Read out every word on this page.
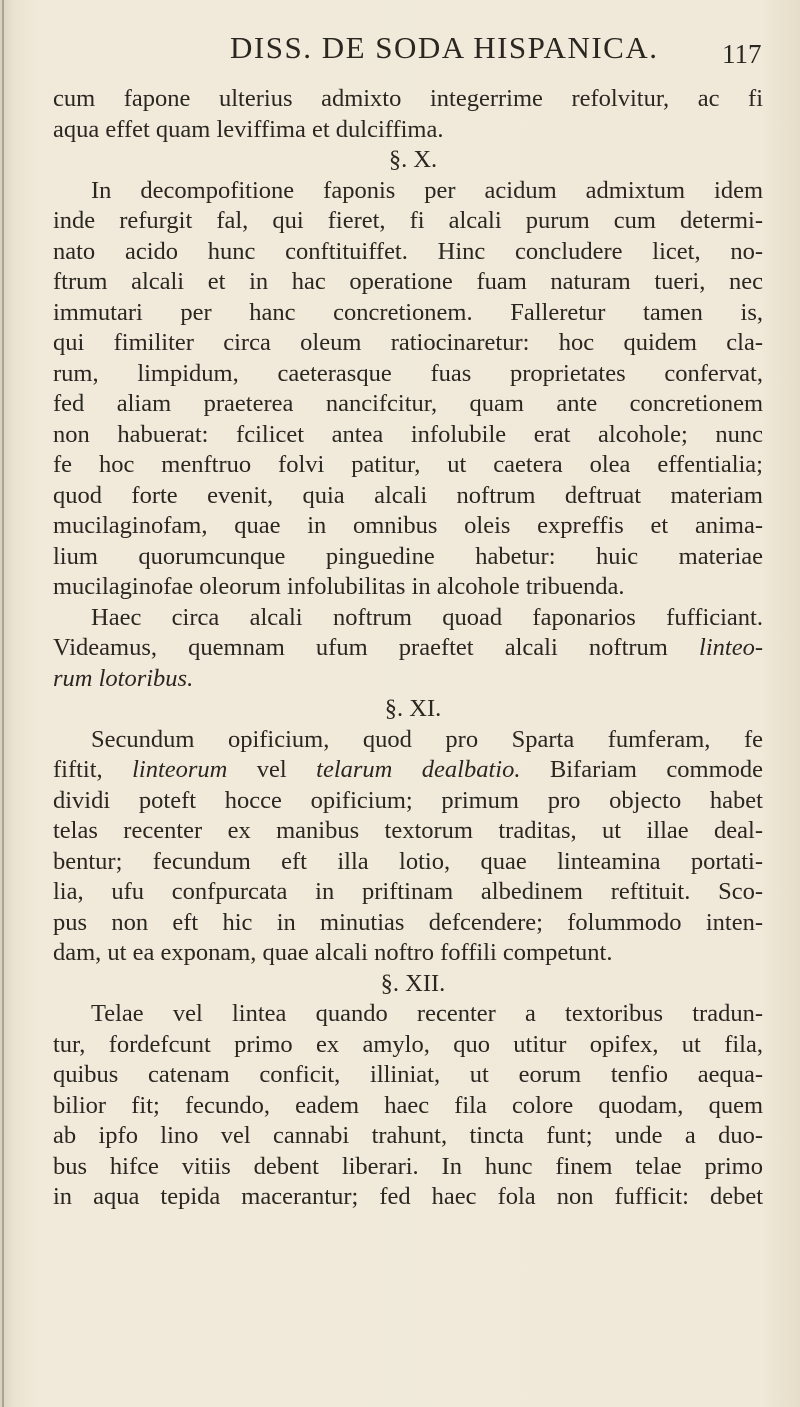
DISS. DE SODA HISPANICA.	117
cum fapone ulterius admixto integerrime refolvitur, ac fi
aqua effet quam leviffima et dulciffima.
§. X.
In decompofitione faponis per acidum admixtum idem
inde refurgit fal, qui fieret, fi alcali purum cum determi-
nato acido hunc conftituiffet. Hinc concludere licet, no-
ftrum alcali et in hac operatione fuam naturam tueri, nec
immutari per hanc concretionem. Falleretur tamen is,
qui fimiliter circa oleum ratiocinaretur: hoc quidem cla-
rum, limpidum, caeterasque fuas proprietates confervat,
fed aliam praeterea nancifcitur, quam ante concretionem
non habuerat: fcilicet antea infolubile erat alcohole; nunc
fe hoc menftruo folvi patitur, ut caetera olea effentialia;
quod forte evenit, quia alcali noftrum deftruat materiam
mucilaginofam, quae in omnibus oleis expreffis et anima-
lium quorumcunque pinguedine habetur: huic materiae
mucilaginofae oleorum infolubilitas in alcohole tribuenda.
Haec circa alcali noftrum quoad faponarios fufficiant.
Videamus, quemnam ufum praeftet alcali noftrum linteo-
rum lotoribus.
§. XI.
Secundum opificium, quod pro Sparta fumferam, fe
fiftit, linteorum vel telarum dealbatio. Bifariam commode
dividi poteft hocce opificium; primum pro objecto habet
telas recenter ex manibus textorum traditas, ut illae deal-
bentur; fecundum eft illa lotio, quae linteamina portati-
lia, ufu confpurcata in priftinam albedinem reftituit. Sco-
pus non eft hic in minutias defcendere; folummodo inten-
dam, ut ea exponam, quae alcali noftro foffili competunt.
§. XII.
Telae vel lintea quando recenter a textoribus tradun-
tur, fordefcunt primo ex amylo, quo utitur opifex, ut fila,
quibus catenam conficit, illiniat, ut eorum tenfio aequa-
bilior fit; fecundo, eadem haec fila colore quodam, quem
ab ipfo lino vel cannabi trahunt, tincta funt; unde a duo-
bus hifce vitiis debent liberari. In hunc finem telae primo
in aqua tepida macerantur; fed haec fola non fufficit: debet
